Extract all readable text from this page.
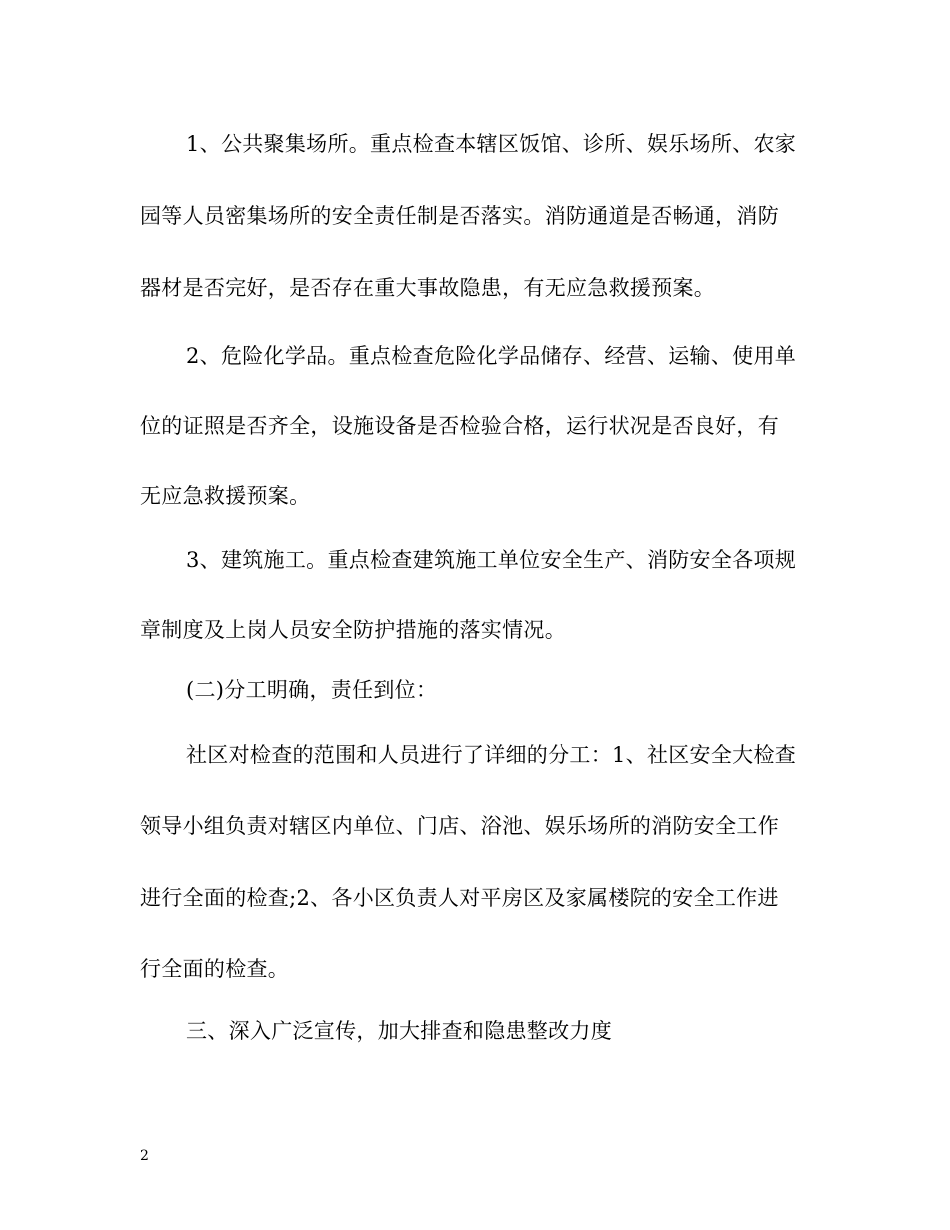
1、公共聚集场所。重点检查本辖区饭馆、诊所、娱乐场所、农家
园等人员密集场所的安全责任制是否落实。消防通道是否畅通，消防
器材是否完好，是否存在重大事故隐患，有无应急救援预案。
2、危险化学品。重点检查危险化学品储存、经营、运输、使用单
位的证照是否齐全，设施设备是否检验合格，运行状况是否良好，有
无应急救援预案。
3、建筑施工。重点检查建筑施工单位安全生产、消防安全各项规
章制度及上岗人员安全防护措施的落实情况。
(二)分工明确，责任到位：
社区对检查的范围和人员进行了详细的分工：1、社区安全大检查
领导小组负责对辖区内单位、门店、浴池、娱乐场所的消防安全工作
进行全面的检查;2、各小区负责人对平房区及家属楼院的安全工作进
行全面的检查。
三、深入广泛宣传，加大排查和隐患整改力度
2
